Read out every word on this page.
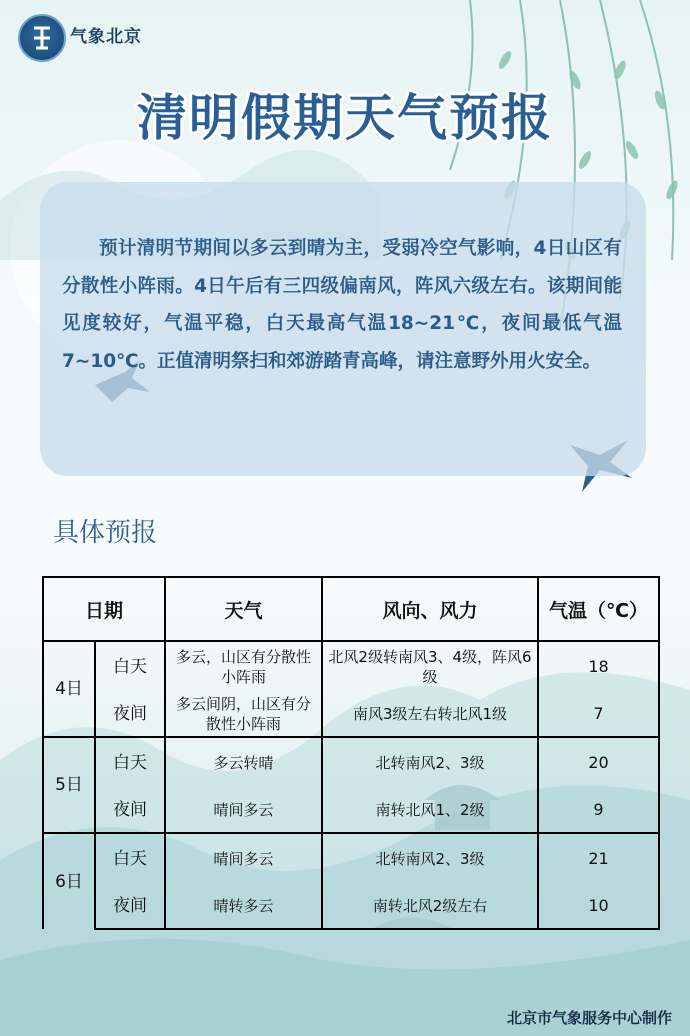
气象北京
清明假期天气预报
预计清明节期间以多云到晴为主，受弱冷空气影响，4日山区有分散性小阵雨。4日午后有三四级偏南风，阵风六级左右。该期间能见度较好，气温平稳，白天最高气温18~21℃，夜间最低气温7~10℃。正值清明祭扫和郊游踏青高峰，请注意野外用火安全。
具体预报
日期		天气	风向、风力	气温（℃）
4日	白天	多云，山区有分散性小阵雨	北风2级转南风3、4级，阵风6级	18
	夜间	多云间阴，山区有分散性小阵雨	南风3级左右转北风1级	7
5日	白天	多云转晴	北转南风2、3级	20
	夜间	晴间多云	南转北风1、2级	9
6日	白天	晴间多云	北转南风2、3级	21
	夜间	晴转多云	南转北风2级左右	10
北京市气象服务中心制作
